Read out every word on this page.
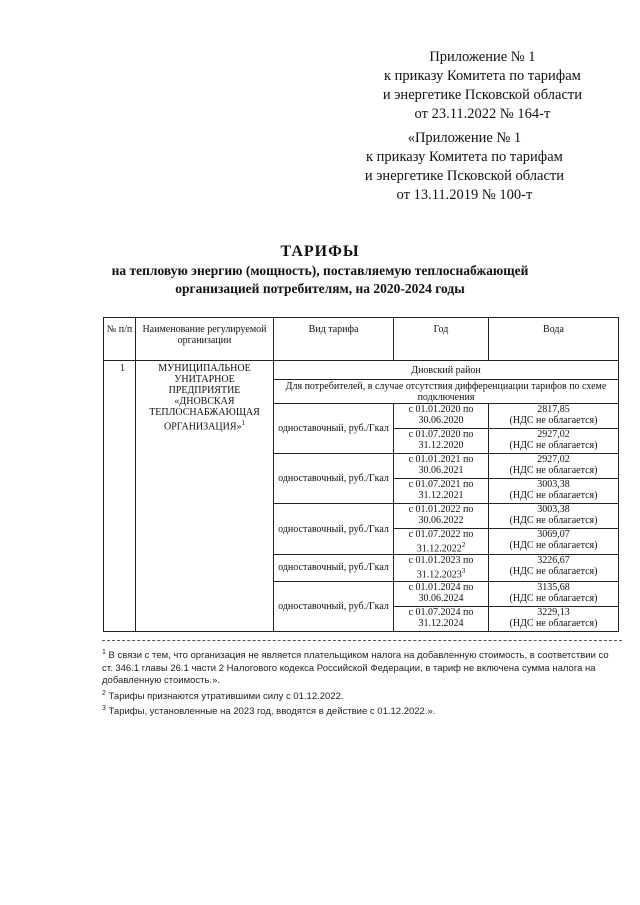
Приложение № 1
к приказу Комитета по тарифам
и энергетике Псковской области
от 23.11.2022 № 164-т
«Приложение № 1
к приказу Комитета по тарифам
и энергетике Псковской области
от 13.11.2019 № 100-т
ТАРИФЫ
на тепловую энергию (мощность), поставляемую теплоснабжающей
организацией потребителям, на 2020-2024 годы
№ п/п	Наименование регулируемой организации	Вид тарифа	Год	Вода
1	МУНИЦИПАЛЬНОЕ УНИТАРНОЕ ПРЕДПРИЯТИЕ «ДНОВСКАЯ ТЕПЛОСНАБЖАЮЩАЯ ОРГАНИЗАЦИЯ»$^1$	Дновский район		
		Для потребителей, в случае отсутствия дифференциации тарифов по схеме подключения		
		одноставочный, руб./Гкал	с 01.01.2020 по 30.06.2020	2817,85
(НДС не облагается)

			с 01.07.2020 по 31.12.2020	2927,02
(НДС не облагается)

		одноставочный, руб./Гкал	с 01.01.2021 по 30.06.2021	2927,02
(НДС не облагается)

			с 01.07.2021 по 31.12.2021	3003,38
(НДС не облагается)

		одноставочный, руб./Гкал	с 01.01.2022 по 30.06.2022	3003,38
(НДС не облагается)

			с 01.07.2022 по 31.12.2022$^2$	3069,07
(НДС не облагается)

		одноставочный, руб./Гкал	с 01.01.2023 по 31.12.2023$^3$	3226,67
(НДС не облагается)

		одноставочный, руб./Гкал	с 01.01.2024 по 30.06.2024	3135,68
(НДС не облагается)

			с 01.07.2024 по 31.12.2024	3229,13
(НДС не облагается)
$^1$ В связи с тем, что организация не является плательщиком налога на добавленную стоимость, в соответствии со ст. 346.1 главы 26.1 части 2 Налогового кодекса Российской Федерации, в тариф не включена сумма налога на добавленную стоимость.».
$^2$ Тарифы признаются утратившими силу с 01.12.2022.
$^3$ Тарифы, установленные на 2023 год, вводятся в действие с 01.12.2022.».
